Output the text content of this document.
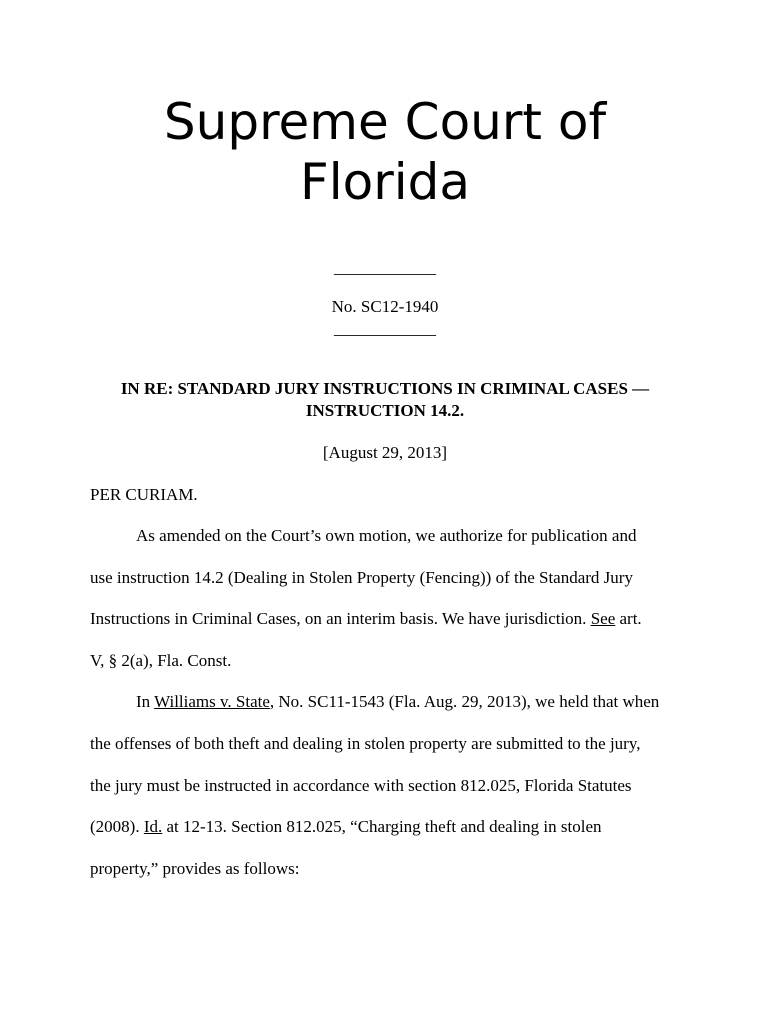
Supreme Court of
Florida
____________
No. SC12-1940
____________
IN RE: STANDARD JURY INSTRUCTIONS IN CRIMINAL CASES —
INSTRUCTION 14.2.
[August 29, 2013]
PER CURIAM.
As amended on the Court’s own motion, we authorize for publication and
use instruction 14.2 (Dealing in Stolen Property (Fencing)) of the Standard Jury
Instructions in Criminal Cases, on an interim basis. We have jurisdiction. See art.
V, § 2(a), Fla. Const.
In Williams v. State, No. SC11-1543 (Fla. Aug. 29, 2013), we held that when
the offenses of both theft and dealing in stolen property are submitted to the jury,
the jury must be instructed in accordance with section 812.025, Florida Statutes
(2008). Id. at 12-13. Section 812.025, “Charging theft and dealing in stolen
property,” provides as follows:
